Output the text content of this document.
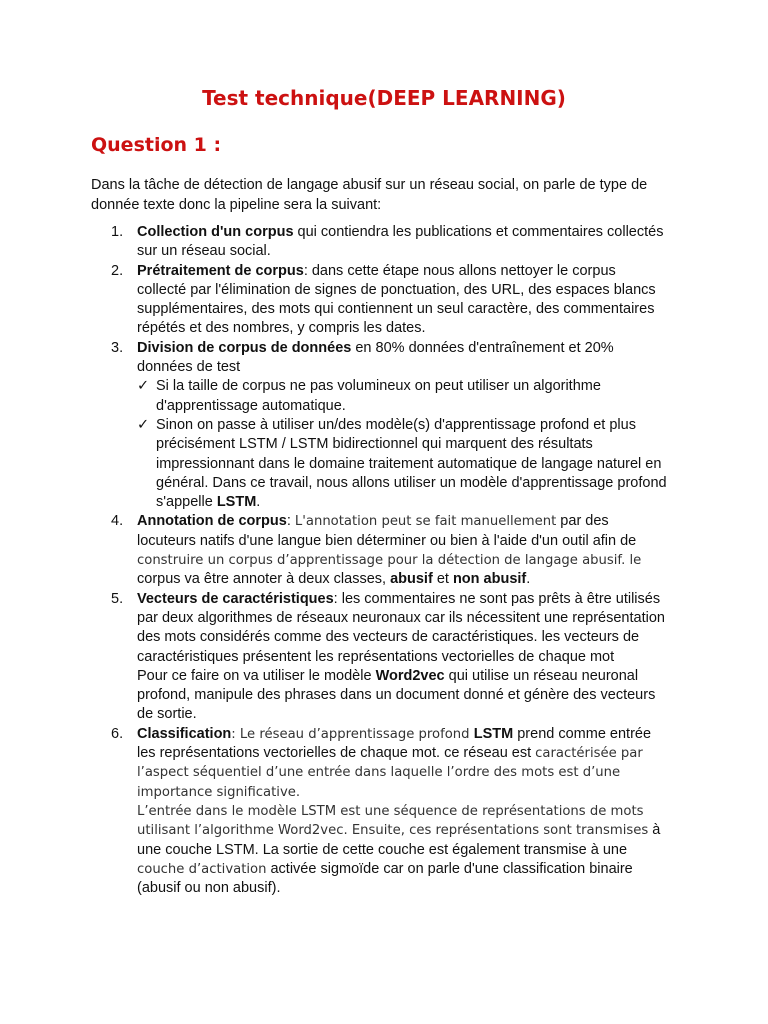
Test technique(DEEP LEARNING)
Question 1 :

Dans la tâche de détection de langage abusif sur un réseau social, on parle de type de donnée texte donc la pipeline sera la suivant:

1. Collection d'un corpus qui contiendra les publications et commentaires collectés sur un réseau social.
2. Prétraitement de corpus: dans cette étape nous allons nettoyer le corpus collecté par l'élimination de signes de ponctuation, des URL, des espaces blancs supplémentaires, des mots qui contiennent un seul caractère, des commentaires répétés et des nombres, y compris les dates.
3. Division de corpus de données en 80% données d'entraînement et 20% données de test
✓ Si la taille de corpus ne pas volumineux on peut utiliser un algorithme d'apprentissage automatique.
✓ Sinon on passe à utiliser un/des modèle(s) d'apprentissage profond et plus précisément LSTM / LSTM bidirectionnel qui marquent des résultats impressionnant dans le domaine traitement automatique de langage naturel en général. Dans ce travail, nous allons utiliser un modèle d'apprentissage profond s'appelle LSTM.
4. Annotation de corpus: L'annotation peut se fait manuellement par des locuteurs natifs d'une langue bien déterminer ou bien à l'aide d'un outil afin de construire un corpus d’apprentissage pour la détection de langage abusif. le corpus va être annoter à deux classes, abusif et non abusif.
5. Vecteurs de caractéristiques: les commentaires ne sont pas prêts à être utilisés par deux algorithmes de réseaux neuronaux car ils nécessitent une représentation des mots considérés comme des vecteurs de caractéristiques. les vecteurs de caractéristiques présentent les représentations vectorielles de chaque mot
Pour ce faire on va utiliser le modèle Word2vec qui utilise un réseau neuronal profond, manipule des phrases dans un document donné et génère des vecteurs de sortie.
6. Classification: Le réseau d’apprentissage profond LSTM prend comme entrée les représentations vectorielles de chaque mot. ce réseau est caractérisée par l’aspect séquentiel d’une entrée dans laquelle l’ordre des mots est d’une importance significative.
L’entrée dans le modèle LSTM est une séquence de représentations de mots utilisant l’algorithme Word2vec. Ensuite, ces représentations sont transmises à une couche LSTM. La sortie de cette couche est également transmise à une couche d’activation activée sigmoïde car on parle d'une classification binaire (abusif ou non abusif).
